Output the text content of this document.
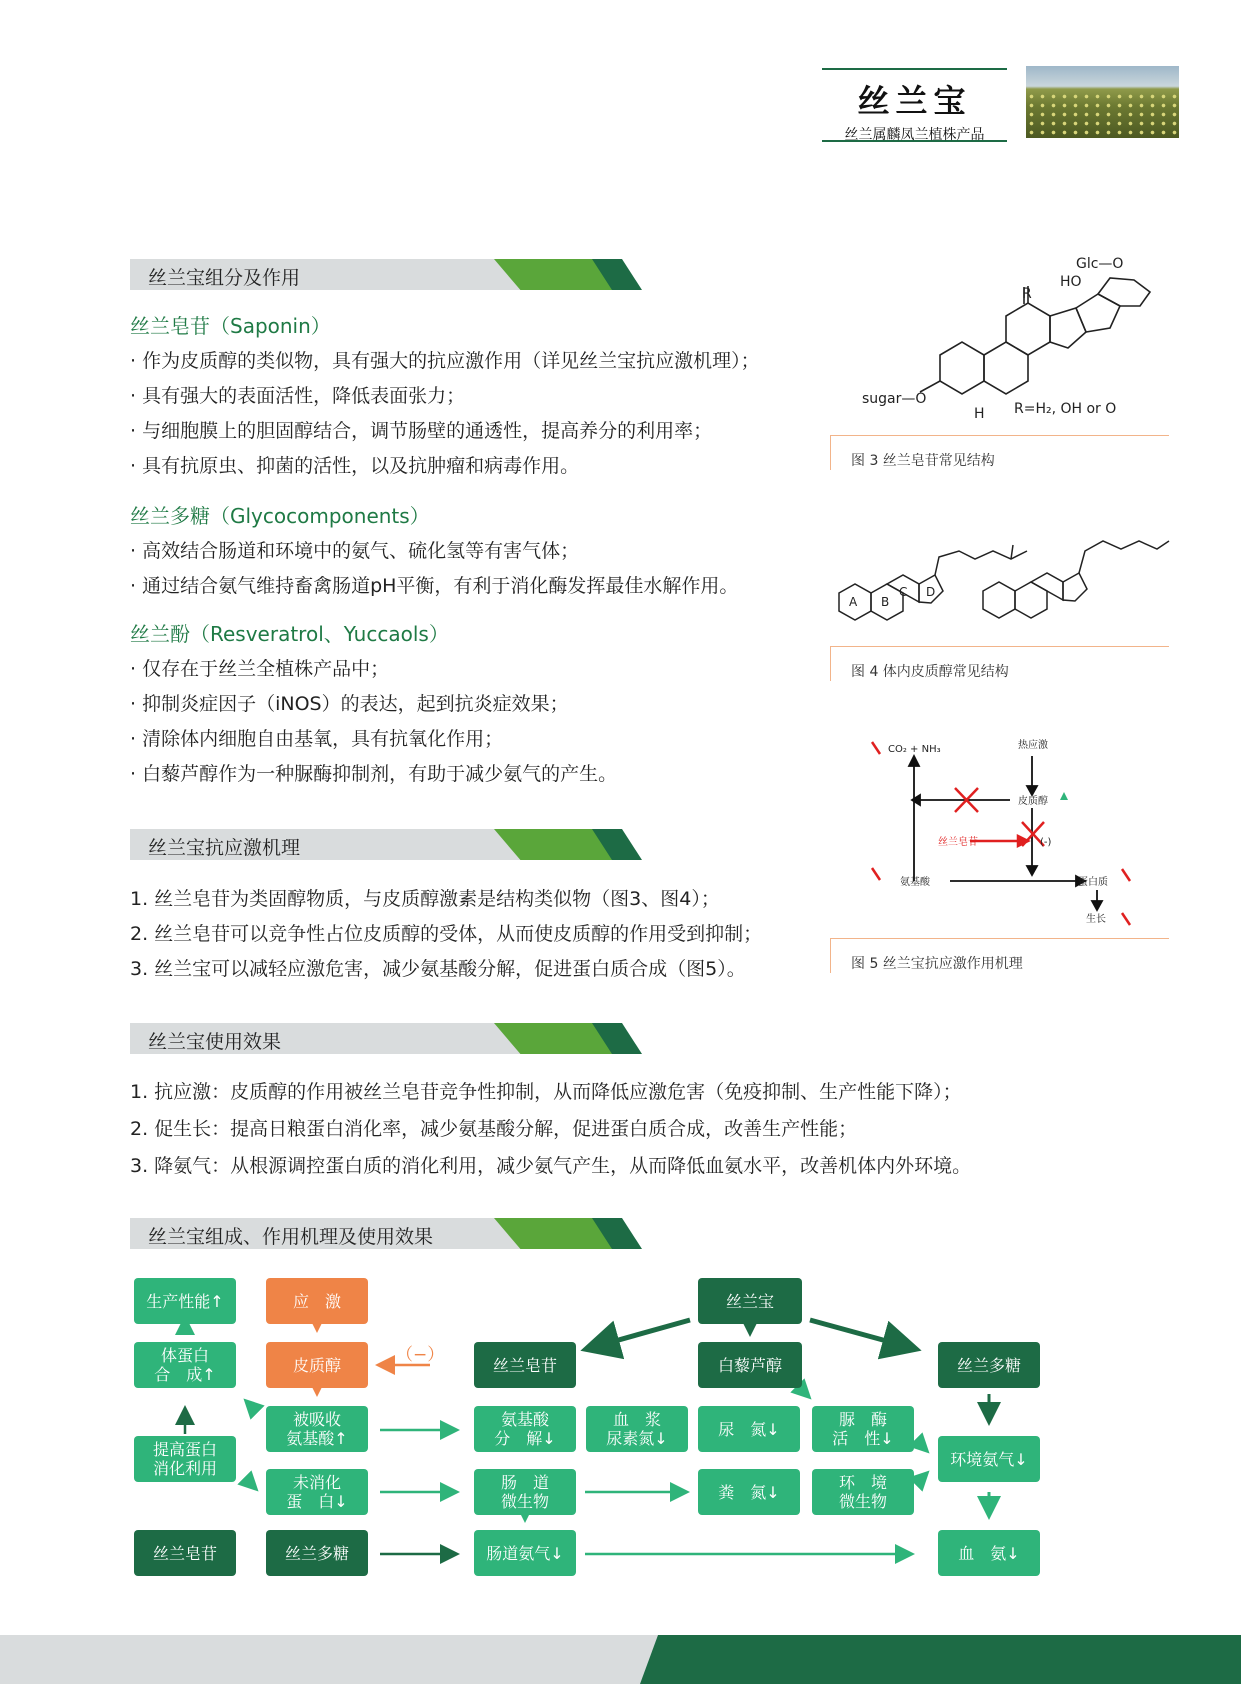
丝兰宝
丝兰属麟凤兰植株产品
丝兰宝组分及作用
丝兰皂苷（Saponin）
· 作为皮质醇的类似物，具有强大的抗应激作用（详见丝兰宝抗应激机理）；
· 具有强大的表面活性，降低表面张力；
· 与细胞膜上的胆固醇结合，调节肠壁的通透性，提高养分的利用率；
· 具有抗原虫、抑菌的活性，以及抗肿瘤和病毒作用。
丝兰多糖（Glycocomponents）
· 高效结合肠道和环境中的氨气、硫化氢等有害气体；
· 通过结合氨气维持畜禽肠道pH平衡，有利于消化酶发挥最佳水解作用。
丝兰酚（Resveratrol、Yuccaols）
· 仅存在于丝兰全植株产品中；
· 抑制炎症因子（iNOS）的表达，起到抗炎症效果；
· 清除体内细胞自由基氧，具有抗氧化作用；
· 白藜芦醇作为一种脲酶抑制剂，有助于减少氨气的产生。
丝兰宝抗应激机理
1. 丝兰皂苷为类固醇物质，与皮质醇激素是结构类似物（图3、图4）；
2. 丝兰皂苷可以竞争性占位皮质醇的受体，从而使皮质醇的作用受到抑制；
3. 丝兰宝可以减轻应激危害，减少氨基酸分解，促进蛋白质合成（图5）。
丝兰宝使用效果
1. 抗应激：皮质醇的作用被丝兰皂苷竞争性抑制，从而降低应激危害（免疫抑制、生产性能下降）；
2. 促生长：提高日粮蛋白消化率，减少氨基酸分解，促进蛋白质合成，改善生产性能；
3. 降氨气：从根源调控蛋白质的消化利用，减少氨气产生，从而降低血氨水平，改善机体内外环境。
丝兰宝组成、作用机理及使用效果
Glc—O
HO
R
sugar—O
H R=H₂, OH or O
图 3 丝兰皂苷常见结构
A B
C D
图 4 体内皮质醇常见结构
CO₂ + NH₃	热应激
皮质醇
丝兰皂苷	(-)
氨基酸	蛋白质
生长
图 5 丝兰宝抗应激作用机理
生产性能↑
体蛋白
合　成↑
提高蛋白
消化利用
丝兰皂苷
应　激
皮质醇
被吸收
氨基酸↑
未消化
蛋　白↓
丝兰多糖
（−）	丝兰皂苷
氨基酸
分　解↓
肠　道
微生物
肠道氨气↓
血　浆
尿素氮↓
丝兰宝
白藜芦醇
尿　氮↓
粪　氮↓
脲　酶
活　性↓
环　境
微生物
丝兰多糖
环境氨气↓
血　氨↓
